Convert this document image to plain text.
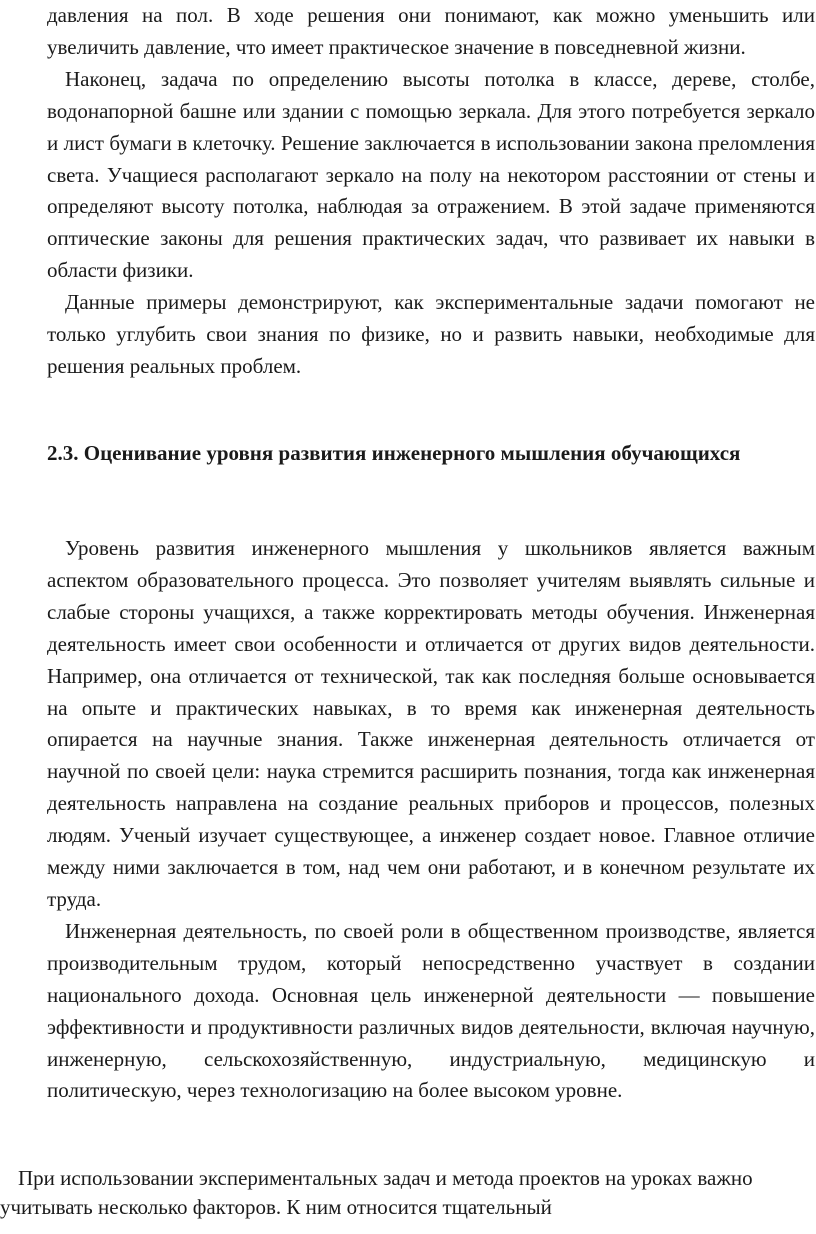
давления на пол. В ходе решения они понимают, как можно уменьшить или увеличить давление, что имеет практическое значение в повседневной жизни.

Наконец, задача по определению высоты потолка в классе, дереве, столбе, водонапорной башне или здании с помощью зеркала. Для этого потребуется зеркало и лист бумаги в клеточку. Решение заключается в использовании закона преломления света. Учащиеся располагают зеркало на полу на некотором расстоянии от стены и определяют высоту потолка, наблюдая за отражением. В этой задаче применяются оптические законы для решения практических задач, что развивает их навыки в области физики.

Данные примеры демонстрируют, как экспериментальные задачи помогают не только углубить свои знания по физике, но и развить навыки, необходимые для решения реальных проблем.

2.3. Оценивание уровня развития инженерного мышления обучающихся

Уровень развития инженерного мышления у школьников является важным аспектом образовательного процесса. Это позволяет учителям выявлять сильные и слабые стороны учащихся, а также корректировать методы обучения. Инженерная деятельность имеет свои особенности и отличается от других видов деятельности. Например, она отличается от технической, так как последняя больше основывается на опыте и практических навыках, в то время как инженерная деятельность опирается на научные знания. Также инженерная деятельность отличается от научной по своей цели: наука стремится расширить познания, тогда как инженерная деятельность направлена на создание реальных приборов и процессов, полезных людям. Ученый изучает существующее, а инженер создает новое. Главное отличие между ними заключается в том, над чем они работают, и в конечном результате их труда.

Инженерная деятельность, по своей роли в общественном производстве, является производительным трудом, который непосредственно участвует в создании национального дохода. Основная цель инженерной деятельности — повышение эффективности и продуктивности различных видов деятельности, включая научную, инженерную, сельскохозяйственную, индустриальную, медицинскую и политическую, через технологизацию на более высоком уровне.

При использовании экспериментальных задач и метода проектов на уроках важно учитывать несколько факторов. К ним относится тщательный
